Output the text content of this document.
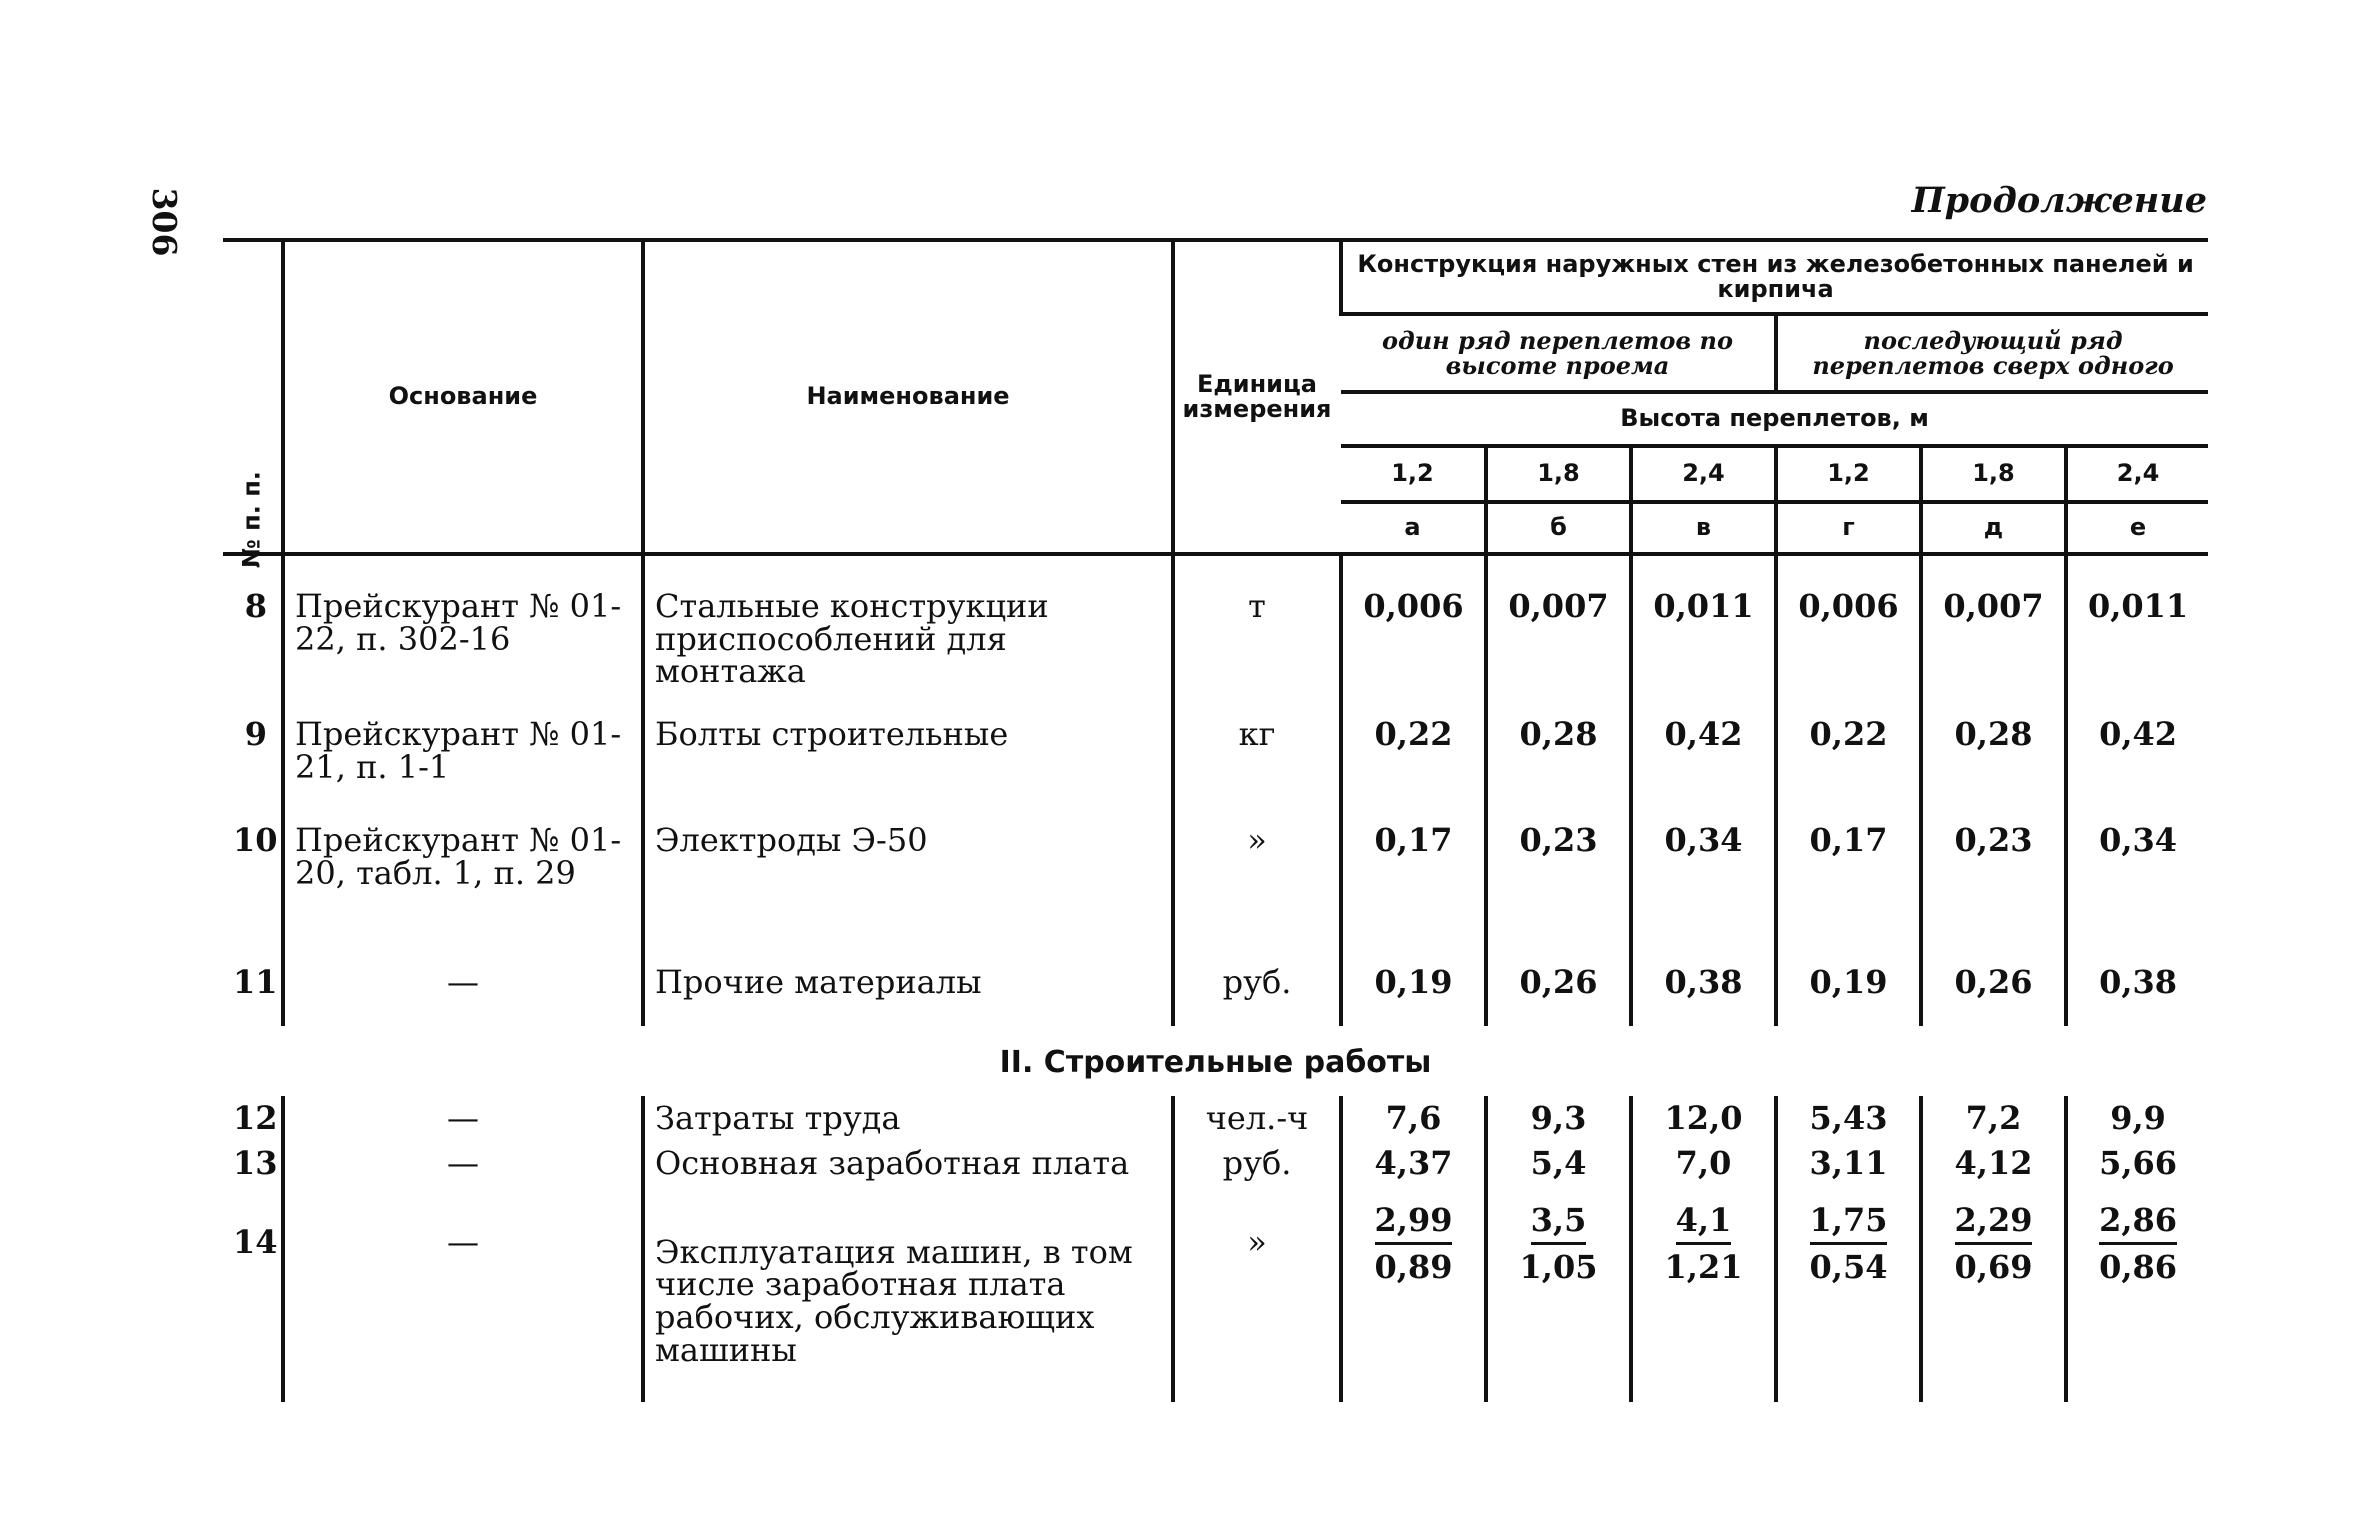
306	Продолжение
№ п. п.	Основание	Наименование	Единица измерения	Конструкция наружных стен из железобетонных панелей и кирпича					
				один ряд переплетов по высоте проема			последующий ряд переплетов сверх одного		
				Высота переплетов, м					
				1,2	1,8	2,4	1,2	1,8	2,4
				а	б	в	г	д	е
8	Прейскурант № 01-22, п. 302-16	Стальные конструкции приспособлений для монтажа	т	0,006	0,007	0,011	0,006	0,007	0,011
9	Прейскурант № 01-21, п. 1-1	Болты строительные	кг	0,22	0,28	0,42	0,22	0,28	0,42
10	Прейскурант № 01-20, табл. 1, п. 29	Электроды Э-50	»	0,17	0,23	0,34	0,17	0,23	0,34
11	—	Прочие материалы	руб.	0,19	0,26	0,38	0,19	0,26	0,38
II. Строительные работы									
12	—	Затраты труда	чел.-ч	7,6	9,3	12,0	5,43	7,2	9,9
13	—	Основная заработная плата	руб.	4,37	5,4	7,0	3,11	4,12	5,66
14	—	Эксплуатация машин, в том числе заработная плата рабочих, обслуживающих машины	»	$\frac{2,99}{0,89}$	$\frac{3,5}{1,05}$	$\frac{4,1}{1,21}$	$\frac{1,75}{0,54}$	$\frac{2,29}{0,69}$	$\frac{2,86}{0,86}$
